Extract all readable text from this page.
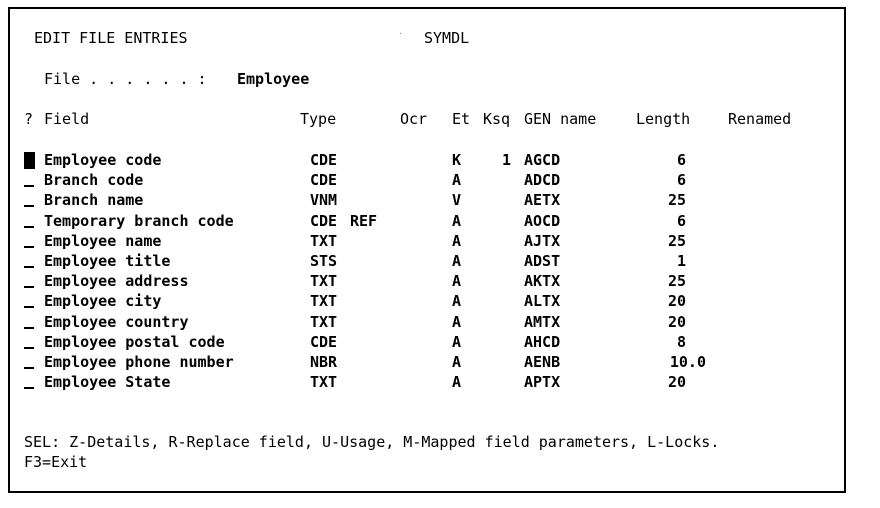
EDIT FILE ENTRIES	SYMDL
File . . . . . . : Employee
? Field	Type	Ocr Et Ksq GEN name	Length	Renamed
Employee code	CDE	K	1 AGCD	6
Branch code	CDE	A	ADCD	6
Branch name	VNM	V	AETX	25
Temporary branch code	CDE REF	A	AOCD	6
Employee name	TXT	A	AJTX	25
Employee title	STS	A	ADST	1
Employee address	TXT	A	AKTX	25
Employee city	TXT	A	ALTX	20
Employee country	TXT	A	AMTX	20
Employee postal code	CDE	A	AHCD	8
Employee phone number	NBR	A	AENB	10.0
Employee State	TXT	A	APTX	20
SEL: Z-Details, R-Replace field, U-Usage, M-Mapped field parameters, L-Locks.
F3=Exit
